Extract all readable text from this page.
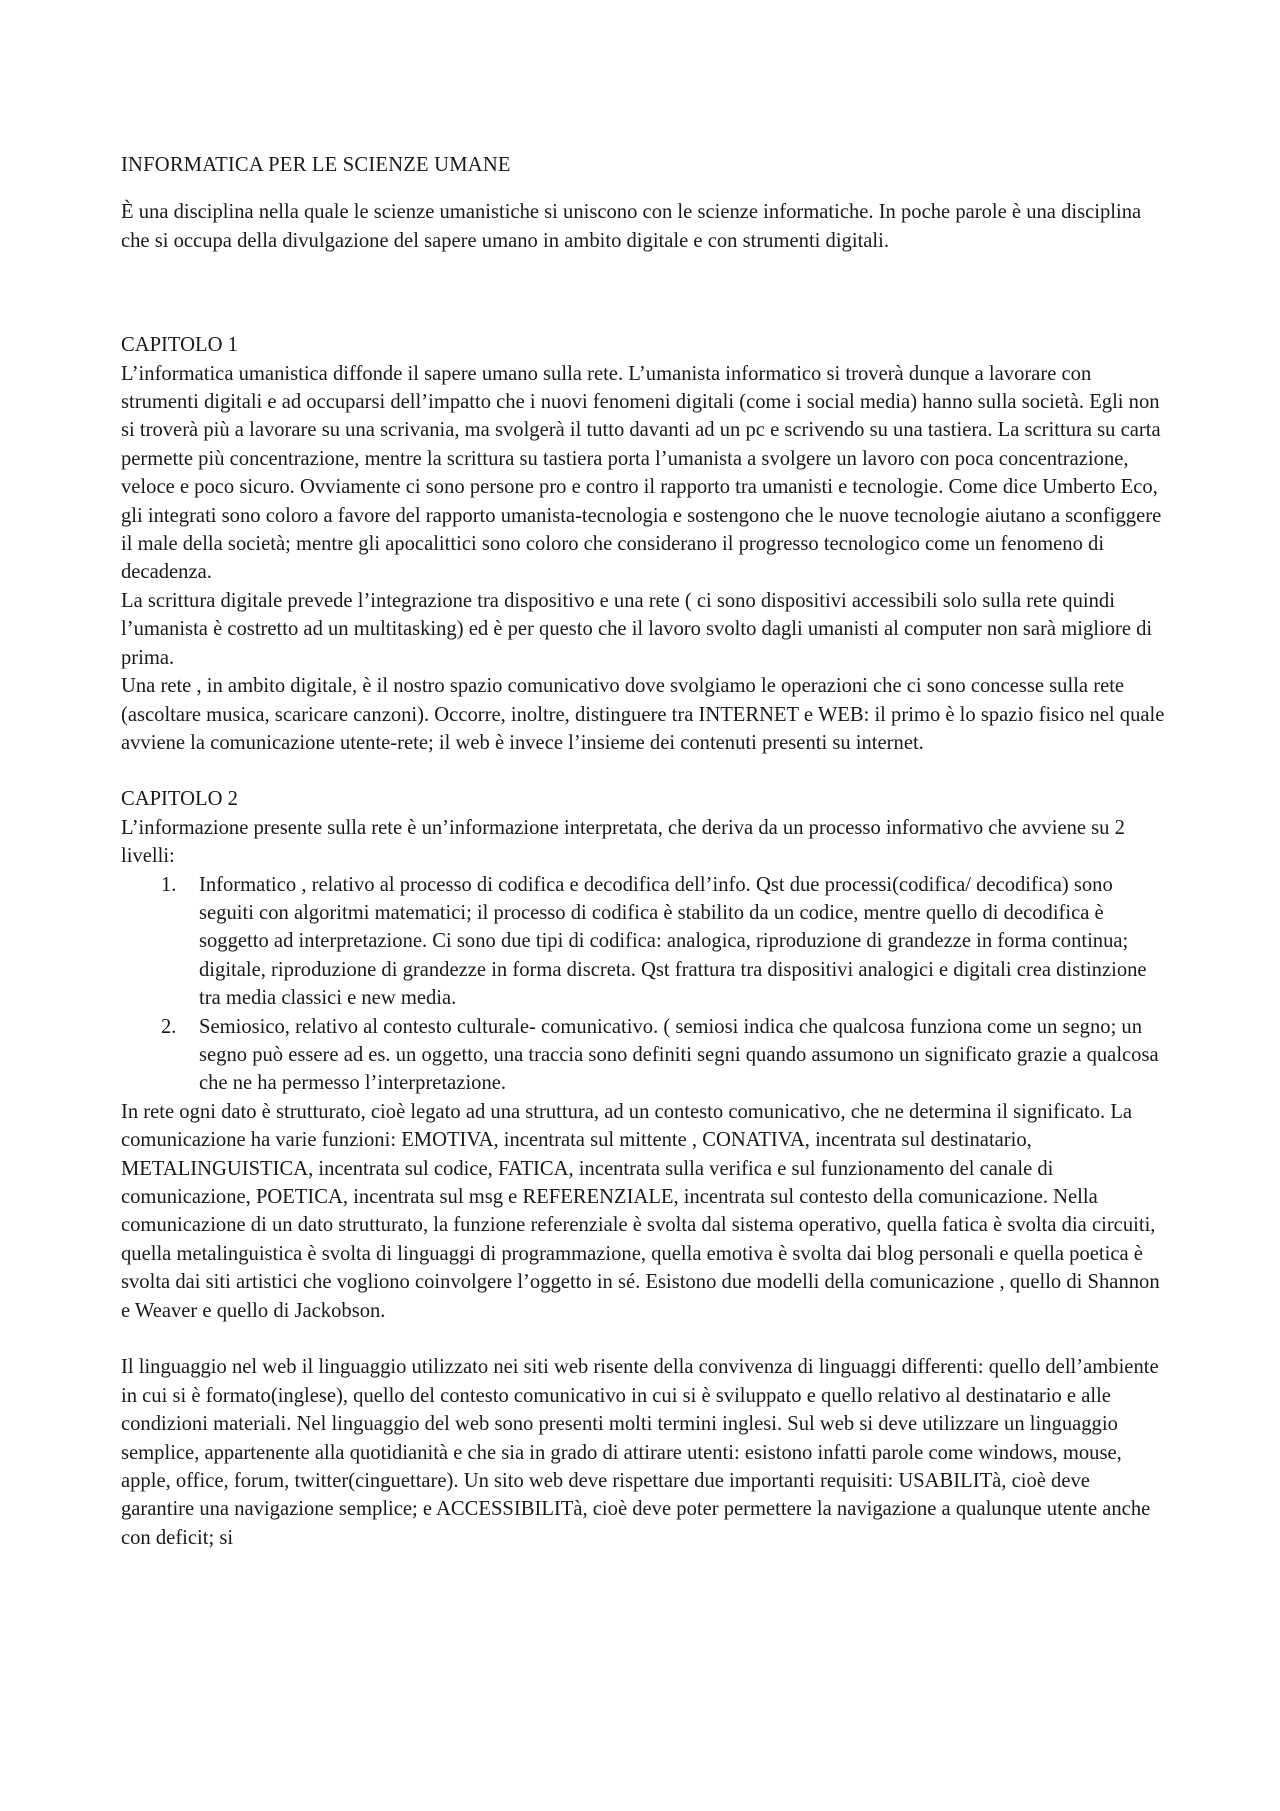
INFORMATICA PER LE SCIENZE UMANE

È una disciplina nella quale le scienze umanistiche si uniscono con le scienze informatiche. In poche parole è una disciplina che si occupa della divulgazione del sapere umano in ambito digitale e con strumenti digitali.

CAPITOLO 1

L’informatica umanistica diffonde il sapere umano sulla rete. L’umanista informatico si troverà dunque a lavorare con strumenti digitali e ad occuparsi dell’impatto che i nuovi fenomeni digitali (come i social media) hanno sulla società. Egli non si troverà più a lavorare su una scrivania, ma svolgerà il tutto davanti ad un pc e scrivendo su una tastiera. La scrittura su carta permette più concentrazione, mentre la scrittura su tastiera porta l’umanista a svolgere un lavoro con poca concentrazione, veloce e poco sicuro. Ovviamente ci sono persone pro e contro il rapporto tra umanisti e tecnologie. Come dice Umberto Eco, gli integrati sono coloro a favore del rapporto umanista-tecnologia e sostengono che le nuove tecnologie aiutano a sconfiggere il male della società; mentre gli apocalittici sono coloro che considerano il progresso tecnologico come un fenomeno di decadenza.

La scrittura digitale prevede l’integrazione tra dispositivo e una rete ( ci sono dispositivi accessibili solo sulla rete quindi l’umanista è costretto ad un multitasking) ed è per questo che il lavoro svolto dagli umanisti al computer non sarà migliore di prima.

Una rete , in ambito digitale, è il nostro spazio comunicativo dove svolgiamo le operazioni che ci sono concesse sulla rete (ascoltare musica, scaricare canzoni). Occorre, inoltre, distinguere tra INTERNET e WEB: il primo è lo spazio fisico nel quale avviene la comunicazione utente-rete; il web è invece l’insieme dei contenuti presenti su internet.

CAPITOLO 2

L’informazione presente sulla rete è un’informazione interpretata, che deriva da un processo informativo che avviene su 2 livelli:

1. Informatico , relativo al processo di codifica e decodifica dell’info. Qst due processi(codifica/ decodifica) sono seguiti con algoritmi matematici; il processo di codifica è stabilito da un codice, mentre quello di decodifica è soggetto ad interpretazione. Ci sono due tipi di codifica: analogica, riproduzione di grandezze in forma continua; digitale, riproduzione di grandezze in forma discreta. Qst frattura tra dispositivi analogici e digitali crea distinzione tra media classici e new media.
2. Semiosico, relativo al contesto culturale- comunicativo. ( semiosi indica che qualcosa funziona come un segno; un segno può essere ad es. un oggetto, una traccia sono definiti segni quando assumono un significato grazie a qualcosa che ne ha permesso l’interpretazione.

In rete ogni dato è strutturato, cioè legato ad una struttura, ad un contesto comunicativo, che ne determina il significato. La comunicazione ha varie funzioni: EMOTIVA, incentrata sul mittente , CONATIVA, incentrata sul destinatario, METALINGUISTICA, incentrata sul codice, FATICA, incentrata sulla verifica e sul funzionamento del canale di comunicazione, POETICA, incentrata sul msg e REFERENZIALE, incentrata sul contesto della comunicazione. Nella comunicazione di un dato strutturato, la funzione referenziale è svolta dal sistema operativo, quella fatica è svolta dia circuiti, quella metalinguistica è svolta di linguaggi di programmazione, quella emotiva è svolta dai blog personali e quella poetica è svolta dai siti artistici che vogliono coinvolgere l’oggetto in sé. Esistono due modelli della comunicazione , quello di Shannon e Weaver e quello di Jackobson.

Il linguaggio nel web il linguaggio utilizzato nei siti web risente della convivenza di linguaggi differenti: quello dell’ambiente in cui si è formato(inglese), quello del contesto comunicativo in cui si è sviluppato e quello relativo al destinatario e alle condizioni materiali. Nel linguaggio del web sono presenti molti termini inglesi. Sul web si deve utilizzare un linguaggio semplice, appartenente alla quotidianità e che sia in grado di attirare utenti: esistono infatti parole come windows, mouse, apple, office, forum, twitter(cinguettare). Un sito web deve rispettare due importanti requisiti: USABILITà, cioè deve garantire una navigazione semplice; e ACCESSIBILITà, cioè deve poter permettere la navigazione a qualunque utente anche con deficit; si
